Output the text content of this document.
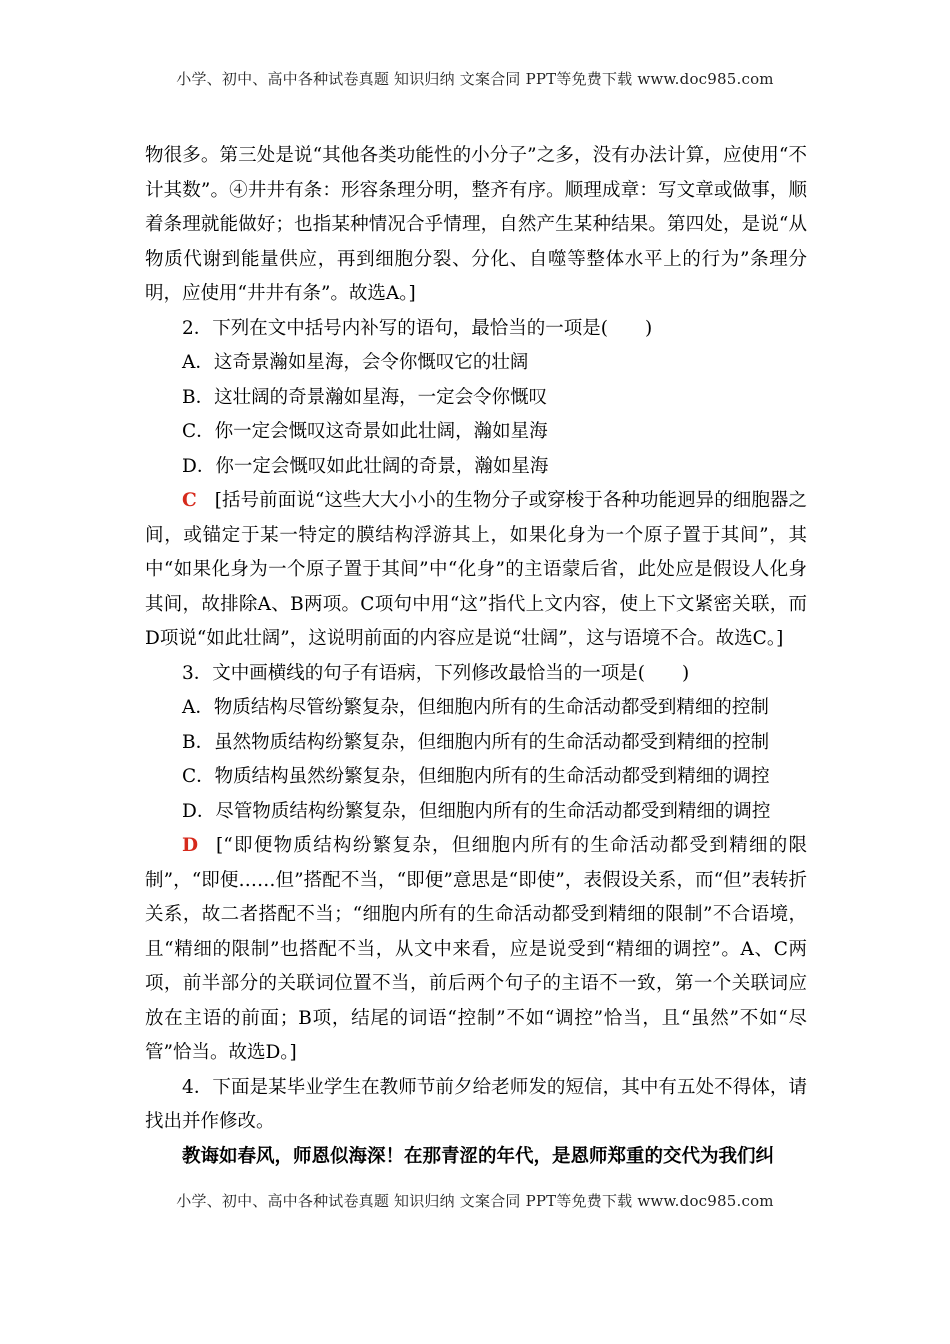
小学、初中、高中各种试卷真题 知识归纳 文案合同 PPT等免费下载 www.doc985.com

物很多。第三处是说“其他各类功能性的小分子”之多，没有办法计算，应使用“不计其数”。④井井有条：形容条理分明，整齐有序。顺理成章：写文章或做事，顺着条理就能做好；也指某种情况合乎情理，自然产生某种结果。第四处，是说“从物质代谢到能量供应，再到细胞分裂、分化、自噬等整体水平上的行为”条理分明，应使用“井井有条”。故选A。]

2．下列在文中括号内补写的语句，最恰当的一项是(　　)

A．这奇景瀚如星海，会令你慨叹它的壮阔

B．这壮阔的奇景瀚如星海，一定会令你慨叹

C．你一定会慨叹这奇景如此壮阔，瀚如星海

D．你一定会慨叹如此壮阔的奇景，瀚如星海

C [括号前面说“这些大大小小的生物分子或穿梭于各种功能迥异的细胞器之间，或锚定于某一特定的膜结构浮游其上，如果化身为一个原子置于其间”，其中“如果化身为一个原子置于其间”中“化身”的主语蒙后省，此处应是假设人化身其间，故排除A、B两项。C项句中用“这”指代上文内容，使上下文紧密关联，而D项说“如此壮阔”，这说明前面的内容应是说“壮阔”，这与语境不合。故选C。]

3．文中画横线的句子有语病，下列修改最恰当的一项是(　　)

A．物质结构尽管纷繁复杂，但细胞内所有的生命活动都受到精细的控制

B．虽然物质结构纷繁复杂，但细胞内所有的生命活动都受到精细的控制

C．物质结构虽然纷繁复杂，但细胞内所有的生命活动都受到精细的调控

D．尽管物质结构纷繁复杂，但细胞内所有的生命活动都受到精细的调控

D [“即便物质结构纷繁复杂，但细胞内所有的生命活动都受到精细的限制”，“即便……但”搭配不当，“即便”意思是“即使”，表假设关系，而“但”表转折关系，故二者搭配不当；“细胞内所有的生命活动都受到精细的限制”不合语境，且“精细的限制”也搭配不当，从文中来看，应是说受到“精细的调控”。A、C两项，前半部分的关联词位置不当，前后两个句子的主语不一致，第一个关联词应放在主语的前面；B项，结尾的词语“控制”不如“调控”恰当，且“虽然”不如“尽管”恰当。故选D。]

4．下面是某毕业学生在教师节前夕给老师发的短信，其中有五处不得体，请找出并作修改。

教诲如春风，师恩似海深！在那青涩的年代，是恩师郑重的交代为我们纠

小学、初中、高中各种试卷真题 知识归纳 文案合同 PPT等免费下载 www.doc985.com
